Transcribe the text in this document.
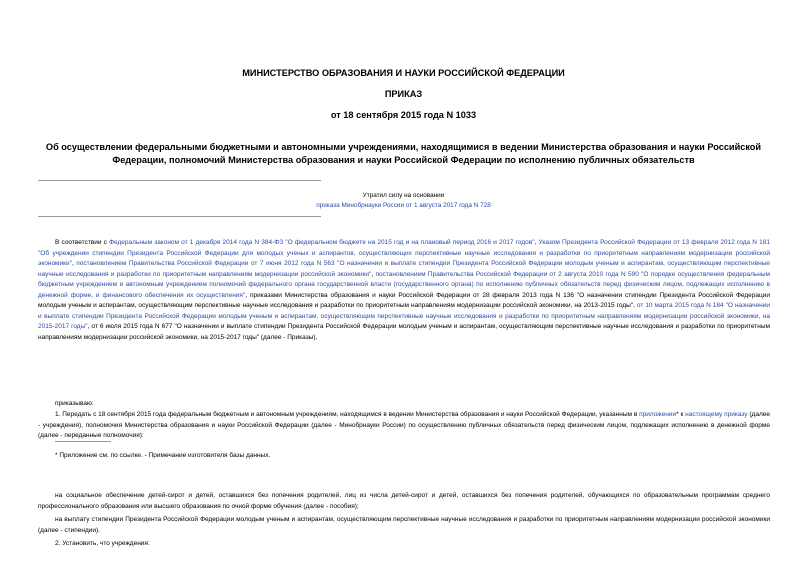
МИНИСТЕРСТВО ОБРАЗОВАНИЯ И НАУКИ РОССИЙСКОЙ ФЕДЕРАЦИИ
ПРИКАЗ
от 18 сентября 2015 года N 1033
Об осуществлении федеральными бюджетными и автономными учреждениями, находящимися в ведении Министерства образования и науки Российской Федерации, полномочий Министерства образования и науки Российской Федерации по исполнению публичных обязательств
Утратил силу на основании
приказа Минобрнауки России от 1 августа 2017 года N 728
В соответствии с Федеральным законом от 1 декабря 2014 года N 384-ФЗ "О федеральном бюджете на 2015 год и на плановый период 2016 и 2017 годов", Указом Президента Российской Федерации от 13 февраля 2012 года N 181 "Об учреждении стипендии Президента Российской Федерации для молодых ученых и аспирантов, осуществляющих перспективные научные исследования и разработки по приоритетным направлениям модернизации российской экономики", постановлением Правительства Российской Федерации от 7 июня 2012 года N 563 "О назначении и выплате стипендии Президента Российской Федерации молодым ученым и аспирантам, осуществляющим перспективные научные исследования и разработки по приоритетным направлениям модернизации российской экономики", постановлением Правительства Российской Федерации от 2 августа 2010 года N 590 "О порядке осуществления федеральным бюджетным учреждением и автономным учреждением полномочий федерального органа государственной власти (государственного органа) по исполнению публичных обязательств перед физическим лицом, подлежащих исполнению в денежной форме, и финансового обеспечения их осуществления", приказами Министерства образования и науки Российской Федерации от 28 февраля 2013 года N 136 "О назначении стипендии Президента Российской Федерации молодым ученым и аспирантам, осуществляющим перспективные научные исследования и разработки по приоритетным направлениям модернизации российской экономики, на 2013-2015 годы", от 10 марта 2015 года N 184 "О назначении и выплате стипендии Президента Российской Федерации молодым ученым и аспирантам, осуществляющим перспективные научные исследования и разработки по приоритетным направлениям модернизации российской экономики, на 2015-2017 годы", от 6 июля 2015 года N 677 "О назначении и выплате стипендии Президента Российской Федерации молодым ученым и аспирантам, осуществляющим перспективные научные исследования и разработки по приоритетным направлениям модернизации российской экономики, на 2015-2017 годы" (далее - Приказы),
приказываю:
1. Передать с 18 сентября 2015 года федеральным бюджетным и автономным учреждениям, находящимся в ведении Министерства образования и науки Российской Федерации, указанным в приложении* к настоящему приказу (далее - учреждения), полномочия Министерства образования и науки Российской Федерации (далее - Минобрнауки России) по осуществлению публичных обязательств перед физическим лицом, подлежащих исполнению в денежной форме (далее - переданные полномочия):
* Приложение см. по ссылке. - Примечание изготовителя базы данных.
на социальное обеспечение детей-сирот и детей, оставшихся без попечения родителей, лиц из числа детей-сирот и детей, оставшихся без попечения родителей, обучающихся по образовательным программам среднего профессионального образования или высшего образования по очной форме обучения (далее - пособия);
на выплату стипендии Президента Российской Федерации молодым ученым и аспирантам, осуществляющим перспективные научные исследования и разработки по приоритетным направлениям модернизации российской экономики (далее - стипендии).
2. Установить, что учреждения:
